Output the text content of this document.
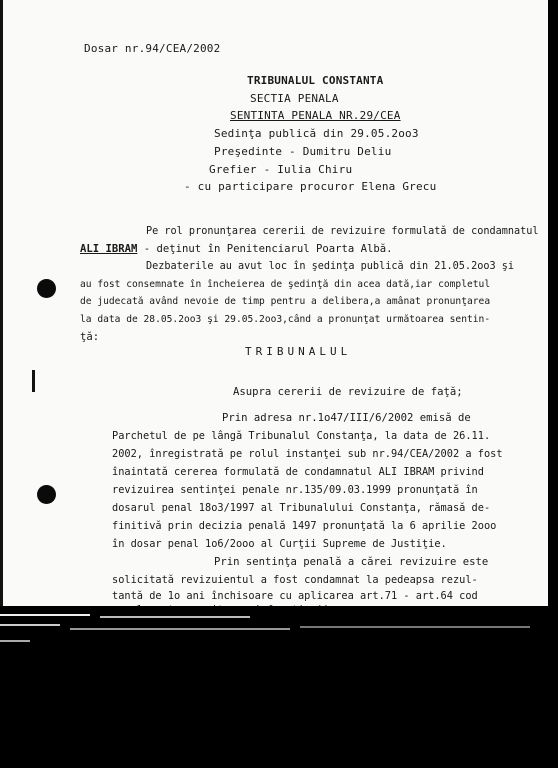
Dosar nr.94/CEA/2002
TRIBUNALUL CONSTANTA
SECTIA PENALA
SENTINTA PENALA NR.29/CEA
Sedinţa publică din 29.05.2oo3
Preşedinte - Dumitru Deliu
Grefier - Iulia Chiru
- cu participare procuror Elena Grecu
Pe rol pronunţarea cererii de revizuire formulată de condamnatul
ALI IBRAM - deţinut în Penitenciarul Poarta Albă.
Dezbaterile au avut loc în şedinţa publică din 21.05.2oo3 şi
au fost consemnate în încheierea de şedinţă din acea dată,iar completul
de judecată având nevoie de timp pentru a delibera,a amânat pronunţarea
la data de 28.05.2oo3 şi 29.05.2oo3,când a pronunţat următoarea sentin-
ţă:
TRIBUNALUL
Asupra cererii de revizuire de faţă;
Prin adresa nr.1o47/III/6/2002 emisă de
Parchetul de pe lângă Tribunalul Constanţa, la data de 26.11.
2002, înregistrată pe rolul instanţei sub nr.94/CEA/2002 a fost
înaintată cererea formulată de condamnatul ALI IBRAM privind
revizuirea sentinţei penale nr.135/09.03.1999 pronunţată în
dosarul penal 18o3/1997 al Tribunalului Constanţa, rămasă de-
finitivă prin decizia penală 1497 pronunţată la 6 aprilie 2ooo
în dosar penal 1o6/2ooo al Curţii Supreme de Justiţie.
Prin sentinţa penală a cărei revizuire este
solicitată revizuientul a fost condamnat la pedeapsa rezul-
tantă de 1o ani închisoare cu aplicarea art.71 - art.64 cod
